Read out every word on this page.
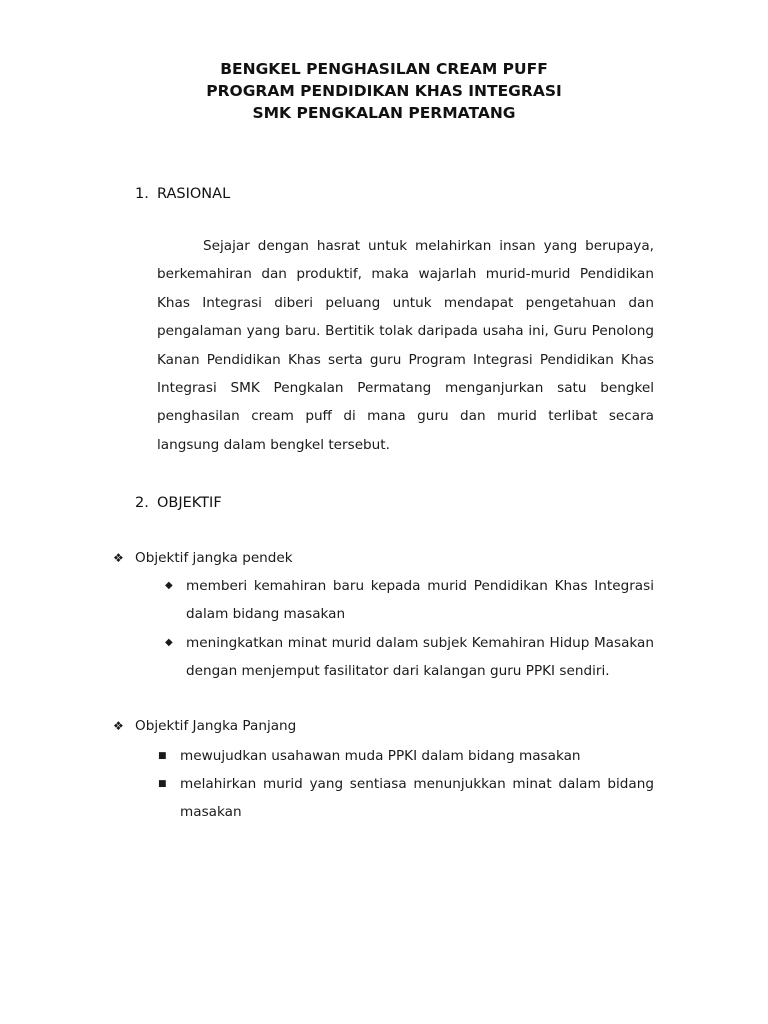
BENGKEL PENGHASILAN CREAM PUFF
PROGRAM PENDIDIKAN KHAS INTEGRASI
SMK PENGKALAN PERMATANG
1. RASIONAL
Sejajar dengan hasrat untuk melahirkan insan yang berupaya, berkemahiran dan produktif, maka wajarlah murid-murid Pendidikan Khas Integrasi diberi peluang untuk mendapat pengetahuan dan pengalaman yang baru. Bertitik tolak daripada usaha ini, Guru Penolong Kanan Pendidikan Khas serta guru Program Integrasi Pendidikan Khas Integrasi SMK Pengkalan Permatang menganjurkan satu bengkel penghasilan cream puff di mana guru dan murid terlibat secara langsung dalam bengkel tersebut.
2. OBJEKTIF
❖ Objektif jangka pendek
◆ memberi kemahiran baru kepada murid Pendidikan Khas Integrasi dalam bidang masakan
◆ meningkatkan minat murid dalam subjek Kemahiran Hidup Masakan dengan menjemput fasilitator dari kalangan guru PPKI sendiri.
❖ Objektif Jangka Panjang
■ mewujudkan usahawan muda PPKI dalam bidang masakan
■ melahirkan murid yang sentiasa menunjukkan minat dalam bidang masakan
